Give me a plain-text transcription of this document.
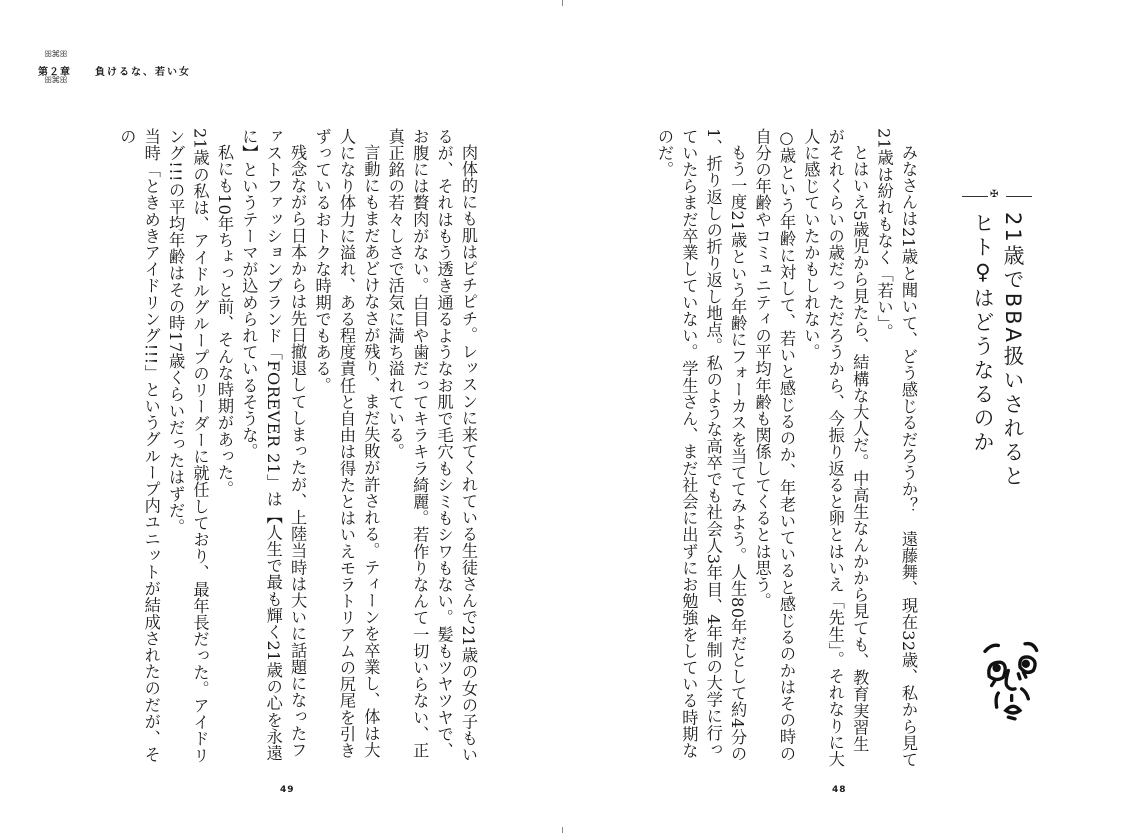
ꕥ⌘ꕥ
第２章 負けるな、若い女
ꕥ⌘ꕥ

肉体的にも肌はピチピチ。レッスンに来てくれている生徒さんで21歳の女の子もいるが、それはもう透き通るようなお肌で毛穴もシミもシワもない。髪もツヤツヤで、お腹には贅肉がない。白目や歯だってキラキラ綺麗。若作りなんて一切いらない、正真正銘の若々しさで活気に満ち溢れている。

言動にもまだあどけなさが残り、まだ失敗が許される。ティーンを卒業し、体は大人になり体力に溢れ、ある程度責任と自由は得たとはいえモラトリアムの尻尾を引きずっているおトクな時期でもある。

残念ながら日本からは先日撤退してしまったが、上陸当時は大いに話題になったファストファッションブランド「FOREVER 21」は【人生で最も輝く21歳の心を永遠に】というテーマが込められているそうな。

私にも10年ちょっと前、そんな時期があった。

21歳の私は、アイドルグループのリーダーに就任しており、最年長だった。アイドリング!!!の平均年齢はその時17歳くらいだったはずだ。

当時「ときめきアイドリング!!!」というグループ内ユニットが結成されたのだが、その

49

みなさんは21歳と聞いて、どう感じるだろうか？　遠藤舞、現在32歳、私から見て21歳は紛れもなく「若い」。

とはいえ5歳児から見たら、結構な大人だ。中高生なんかから見ても、教育実習生がそれくらいの歳だっただろうから、今振り返ると卵とはいえ「先生」。それなりに大人に感じていたかもしれない。

○歳という年齢に対して、若いと感じるのか、年老いていると感じるのかはその時の自分の年齢やコミュニティの平均年齢も関係してくるとは思う。

もう一度21歳という年齢にフォーカスを当ててみよう。人生80年だとして約4分の1、折り返しの折り返し地点。私のような高卒でも社会人3年目、4年制の大学に行っていたらまだ卒業していない。学生さん、まだ社会に出ずにお勉強をしている時期なのだ。

✠
21歳でBBA扱いされると
ヒト♀はどうなるのか
48
